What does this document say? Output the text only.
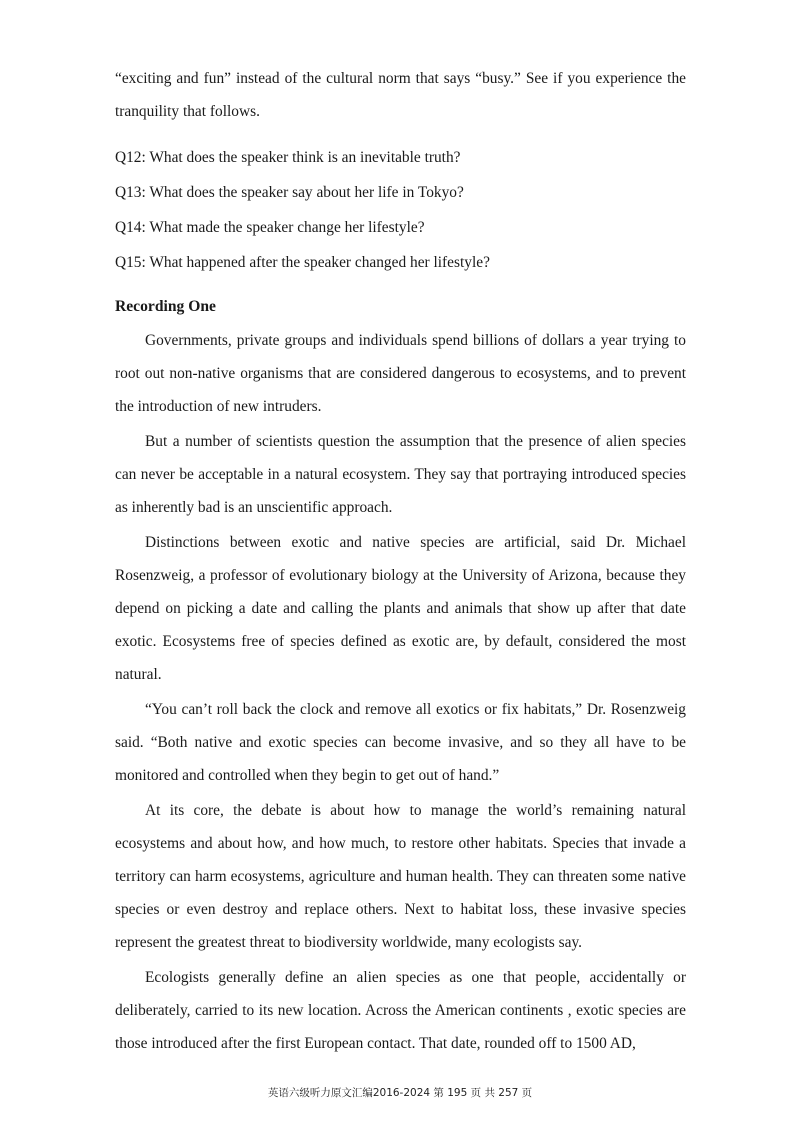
“exciting and fun” instead of the cultural norm that says “busy.” See if you experience the tranquility that follows.

Q12: What does the speaker think is an inevitable truth?

Q13: What does the speaker say about her life in Tokyo?

Q14: What made the speaker change her lifestyle?

Q15: What happened after the speaker changed her lifestyle?

Recording One

Governments, private groups and individuals spend billions of dollars a year trying to root out non-native organisms that are considered dangerous to ecosystems, and to prevent the introduction of new intruders.

But a number of scientists question the assumption that the presence of alien species can never be acceptable in a natural ecosystem. They say that portraying introduced species as inherently bad is an unscientific approach.

Distinctions between exotic and native species are artificial, said Dr. Michael Rosenzweig, a professor of evolutionary biology at the University of Arizona, because they depend on picking a date and calling the plants and animals that show up after that date exotic. Ecosystems free of species defined as exotic are, by default, considered the most natural.

“You can’t roll back the clock and remove all exotics or fix habitats,” Dr. Rosenzweig said. “Both native and exotic species can become invasive, and so they all have to be monitored and controlled when they begin to get out of hand.”

At its core, the debate is about how to manage the world’s remaining natural ecosystems and about how, and how much, to restore other habitats. Species that invade a territory can harm ecosystems, agriculture and human health. They can threaten some native species or even destroy and replace others. Next to habitat loss, these invasive species represent the greatest threat to biodiversity worldwide, many ecologists say.

Ecologists generally define an alien species as one that people, accidentally or deliberately, carried to its new location. Across the American continents , exotic species are those introduced after the first European contact. That date, rounded off to 1500 AD,

英语六级听力原文汇编2016-2024 第 195 页 共 257 页
